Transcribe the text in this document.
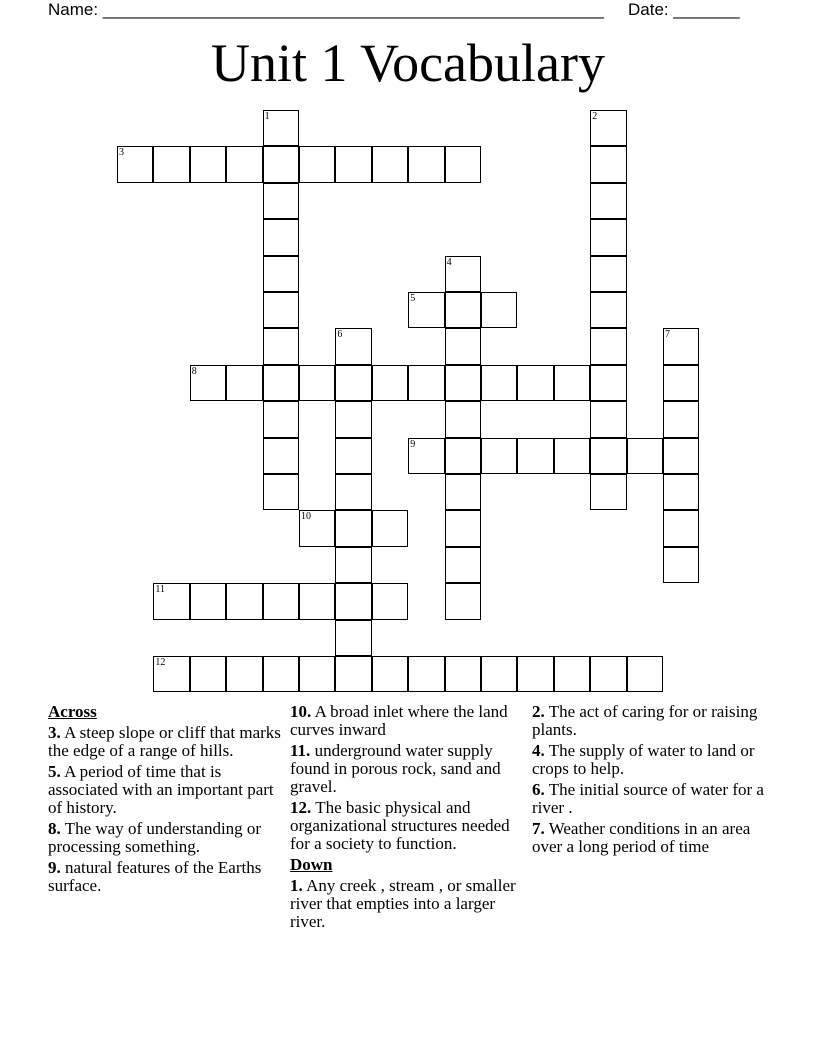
Name: _____________________________________________________ Date: _______
Unit 1 Vocabulary
1	2
3
4
5
6	7
8
9
10
11
12
Across
3. A steep slope or cliff that marks the edge of a range of hills.
5. A period of time that is associated with an important part of history.
8. The way of understanding or processing something.
9. natural features of the Earths surface.
10. A broad inlet where the land curves inward
11. underground water supply found in porous rock, sand and gravel.
12. The basic physical and organizational structures needed for a society to function.
Down
1. Any creek , stream , or smaller river that empties into a larger river.
2. The act of caring for or raising plants.
4. The supply of water to land or crops to help.
6. The initial source of water for a river .
7. Weather conditions in an area over a long period of time
